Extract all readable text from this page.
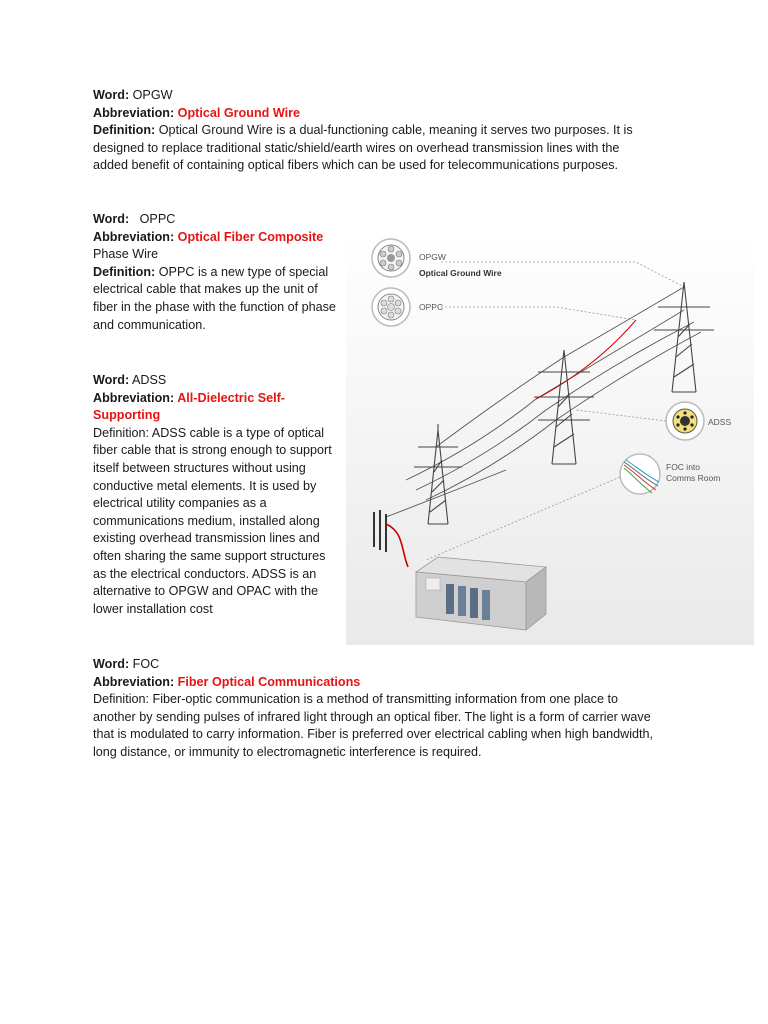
Word: OPGW

Abbreviation: Optical Ground Wire

Definition: Optical Ground Wire is a dual-functioning cable, meaning it serves two purposes. It is designed to replace traditional static/shield/earth wires on overhead transmission lines with the added benefit of containing optical fibers which can be used for telecommunications purposes.

Word:   OPPC

Abbreviation: Optical Fiber Composite

Phase Wire

Definition: OPPC is a new type of special electrical cable that makes up the unit of fiber in the phase with the function of phase and communication.

Word: ADSS

Abbreviation: All-Dielectric Self-Supporting

Definition: ADSS cable is a type of optical fiber cable that is strong enough to support itself between structures without using conductive metal elements. It is used by electrical utility companies as a communications medium, installed along existing overhead transmission lines and often sharing the same support structures as the electrical conductors. ADSS is an alternative to OPGW and OPAC with the lower installation cost

Word: FOC

Abbreviation: Fiber Optical Communications

Definition: Fiber-optic communication is a method of transmitting information from one place to another by sending pulses of infrared light through an optical fiber. The light is a form of carrier wave that is modulated to carry information. Fiber is preferred over electrical cabling when high bandwidth, long distance, or immunity to electromagnetic interference is required.

OPGW
Optical Ground Wire
OPPC
ADSS
FOC into
Comms Room
